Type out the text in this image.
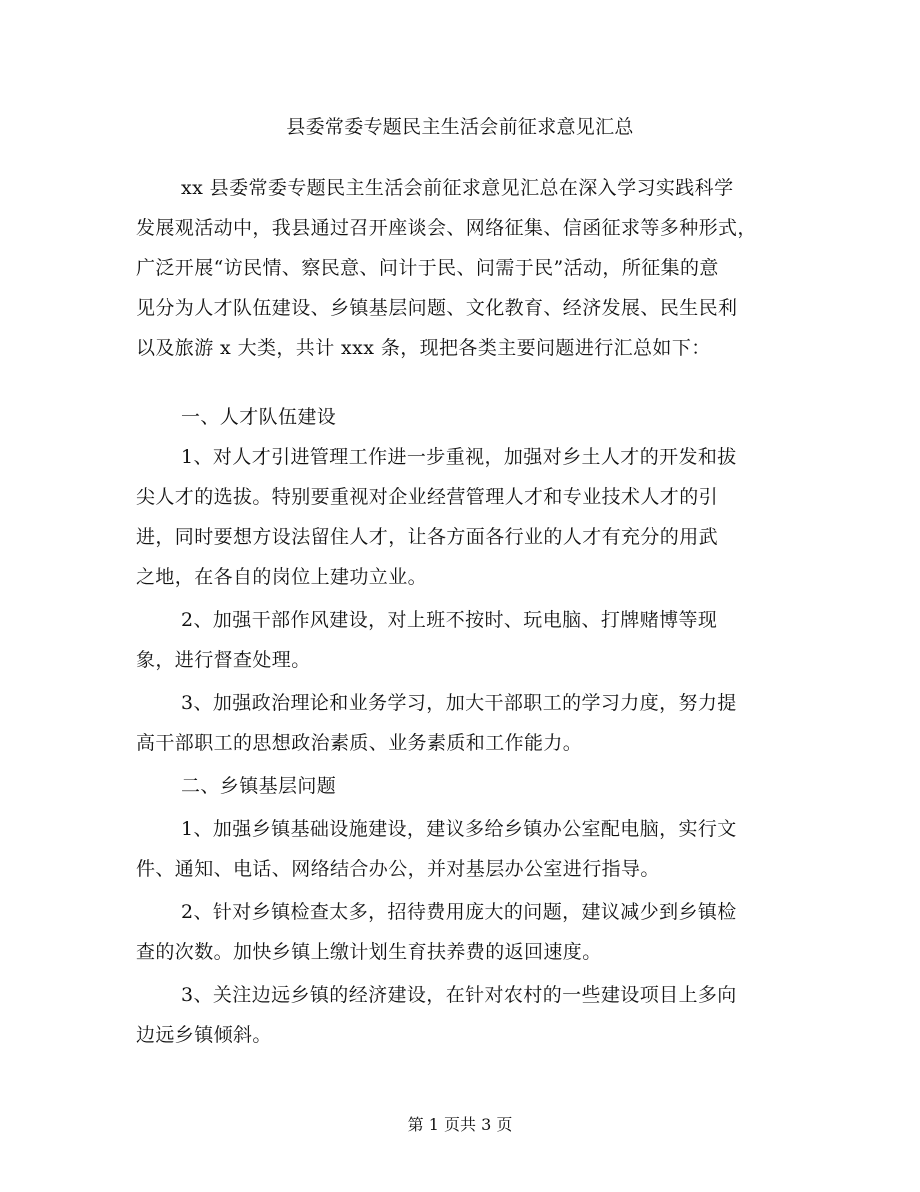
县委常委专题民主生活会前征求意见汇总
xx 县委常委专题民主生活会前征求意见汇总在深入学习实践科学
发展观活动中，我县通过召开座谈会、网络征集、信函征求等多种形式，
广泛开展“访民情、察民意、问计于民、问需于民”活动，所征集的意
见分为人才队伍建设、乡镇基层问题、文化教育、经济发展、民生民利
以及旅游 x 大类，共计 xxx 条，现把各类主要问题进行汇总如下：
一、人才队伍建设
1、对人才引进管理工作进一步重视，加强对乡土人才的开发和拔
尖人才的选拔。特别要重视对企业经营管理人才和专业技术人才的引
进，同时要想方设法留住人才，让各方面各行业的人才有充分的用武
之地，在各自的岗位上建功立业。
2、加强干部作风建设，对上班不按时、玩电脑、打牌赌博等现
象，进行督查处理。
3、加强政治理论和业务学习，加大干部职工的学习力度，努力提
高干部职工的思想政治素质、业务素质和工作能力。
二、乡镇基层问题
1、加强乡镇基础设施建设，建议多给乡镇办公室配电脑，实行文
件、通知、电话、网络结合办公，并对基层办公室进行指导。
2、针对乡镇检查太多，招待费用庞大的问题，建议减少到乡镇检
查的次数。加快乡镇上缴计划生育扶养费的返回速度。
3、关注边远乡镇的经济建设，在针对农村的一些建设项目上多向
边远乡镇倾斜。
第 1 页共 3 页
